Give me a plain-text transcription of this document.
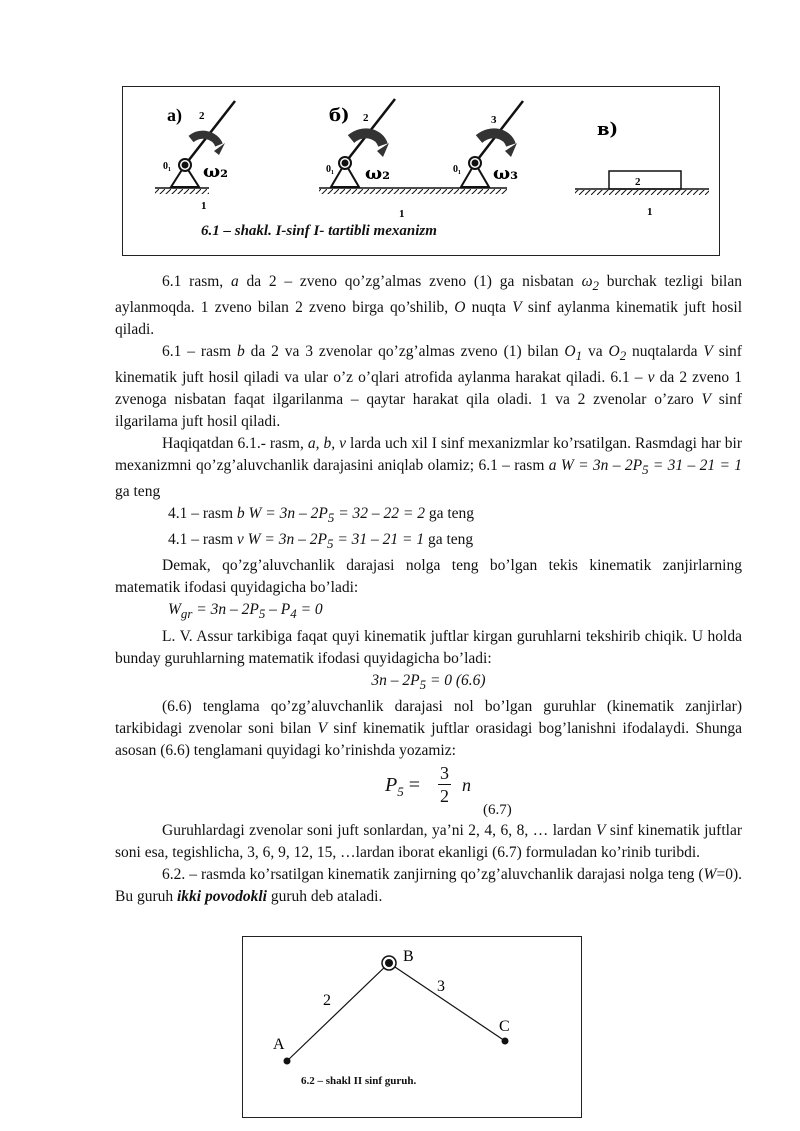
а) 2
0₁ ω₂
1
б) 2
0₁ ω₂
3
0₁ ω₃
1
в)
2
1
6.1 – shakl. I-sinf I- tartibli mexanizm

6.1 rasm, a da 2 – zveno qo’zg’almas zveno (1) ga nisbatan $\omega_2$ burchak tezligi bilan aylanmoqda. 1 zveno bilan 2 zveno birga qo’shilib, O nuqta V sinf aylanma kinematik juft hosil qiladi.

6.1 – rasm b da 2 va 3 zvenolar qo’zg’almas zveno (1) bilan $O_1$ va $O_2$ nuqtalarda V sinf kinematik juft hosil qiladi va ular o’z o’qlari atrofida aylanma harakat qiladi. 6.1 – v da 2 zveno 1 zvenoga nisbatan faqat ilgarilanma – qaytar harakat qila oladi. 1 va 2 zvenolar o’zaro V sinf ilgarilama juft hosil qiladi.

Haqiqatdan 6.1.- rasm, a, b, v larda uch xil I sinf mexanizmlar ko’rsatilgan. Rasmdagi har bir mexanizmni qo’zg’aluvchanlik darajasini aniqlab olamiz; 6.1 – rasm a $W = 3n - 2P_5 = 31 - 21 = 1$ ga teng

4.1 – rasm b $W = 3n - 2P_5 = 32 - 22 = 2$ ga teng

4.1 – rasm v $W = 3n - 2P_5 = 31 - 21 = 1$ ga teng

Demak, qo’zg’aluvchanlik darajasi nolga teng bo’lgan tekis kinematik zanjirlarning matematik ifodasi quyidagicha bo’ladi:

$W_{gr} = 3n - 2P_5 - P_4 = 0$

L. V. Assur tarkibiga faqat quyi kinematik juftlar kirgan guruhlarni tekshirib chiqik. U holda bunday guruhlarning matematik ifodasi quyidagicha bo’ladi:

$3n - 2P_5 = 0$ (6.6)

(6.6) tenglama qo’zg’aluvchanlik darajasi nol bo’lgan guruhlar (kinematik zanjirlar) tarkibidagi zvenolar soni bilan V sinf kinematik juftlar orasidagi bog’lanishni ifodalaydi. Shunga asosan (6.6) tenglamani quyidagi ko’rinishda yozamiz:

$P_5 = \frac{3}{2}$ n
(6.7)

Guruhlardagi zvenolar soni juft sonlardan, ya’ni 2, 4, 6, 8, … lardan V sinf kinematik juftlar soni esa, tegishlicha, 3, 6, 9, 12, 15, …lardan iborat ekanligi (6.7) formuladan ko’rinib turibdi.

6.2. – rasmda ko’rsatilgan kinematik zanjirning qo’zg’aluvchanlik darajasi nolga teng (W=0). Bu guruh ikki povodokli guruh deb ataladi.

A
B
C
2
3
6.2 – shakl II sinf guruh.
